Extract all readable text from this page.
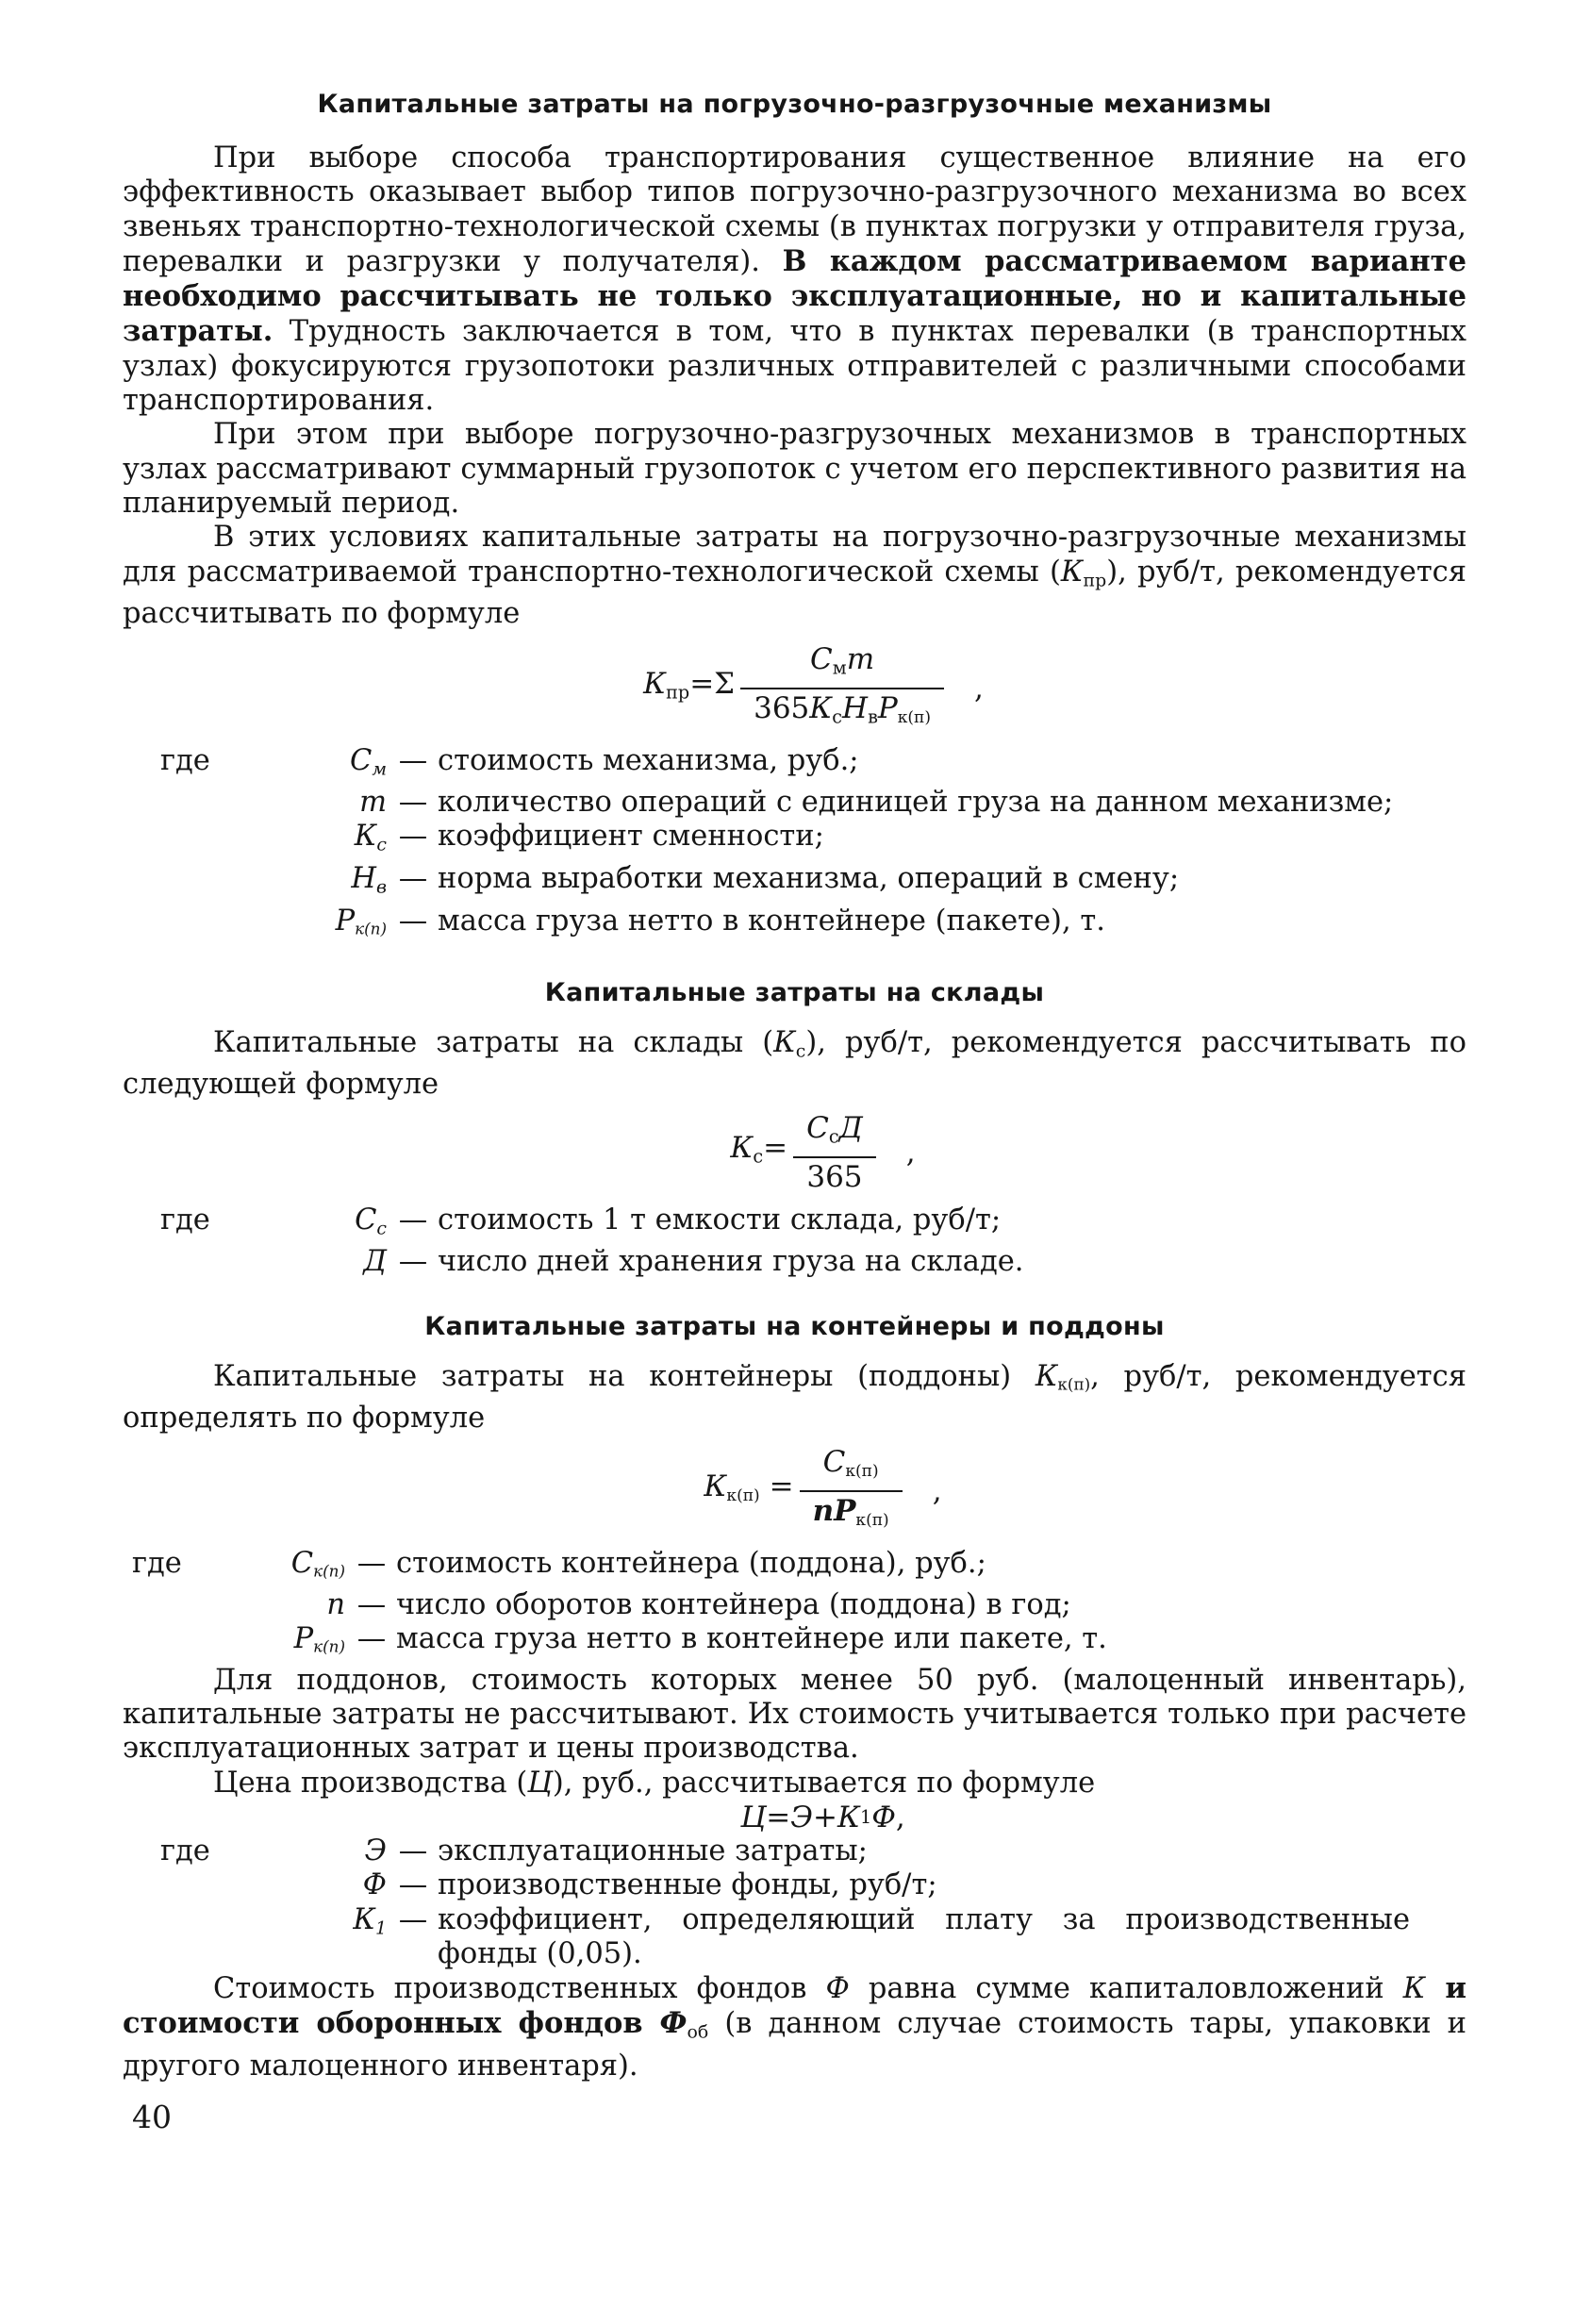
Капитальные затраты на погрузочно-разгрузочные механизмы

При выборе способа транспортирования существенное влияние на его эффективность оказывает выбор типов погрузочно-разгрузочного механизма во всех звеньях транспортно-технологической схемы (в пунктах погрузки у отправителя груза, перевалки и разгрузки у получателя). В каждом рассматриваемом варианте необходимо рассчитывать не только эксплуатационные, но и капитальные затраты. Трудность заключается в том, что в пунктах перевалки (в транспортных узлах) фокусируются грузопотоки различных отправителей с различными способами транспортирования.

При этом при выборе погрузочно-разгрузочных механизмов в транспортных узлах рассматривают суммарный грузопоток с учетом его перспективного развития на планируемый период.

В этих условиях капитальные затраты на погрузочно-разгрузочные механизмы для рассматриваемой транспортно-технологической схемы $(К_{пр})$, руб/т, рекомендуется рассчитывать по формуле

$К_{пр}=\Sigma \frac{С_мm}{365К_сН_вР_{к(п)}}$ ,
где	$С_м$ — стоимость механизма, руб.;
m — количество операций с единицей груза на данном механизме;
$К_с$ — коэффициент сменности;
$Н_в$ — норма выработки механизма, операций в смену;
$Р_{к(п)}$ — масса груза нетто в контейнере (пакете), т.

Капитальные затраты на склады

Капитальные затраты на склады $(К_с)$, руб/т, рекомендуется рассчитывать по следующей формуле

$К_с= \frac{С_сД}{365}$ ,
где	$С_с$ — стоимость 1 т емкости склада, руб/т;
Д — число дней хранения груза на складе.

Капитальные затраты на контейнеры и поддоны

Капитальные затраты на контейнеры (поддоны) $К_{к(п)}$, руб/т, рекомендуется определять по формуле

$К_{к(п)} = \frac{С_{к(п)}}{nР_{к(п)}}$ ,
где	$С_{к(п)}$ — стоимость контейнера (поддона), руб.;
n — число оборотов контейнера (поддона) в год;
$Р_{к(п)}$ — масса груза нетто в контейнере или пакете, т.

Для поддонов, стоимость которых менее 50 руб. (малоценный инвентарь), капитальные затраты не рассчитывают. Их стоимость учитывается только при расчете эксплуатационных затрат и цены производства.

Цена производства (Ц), руб., рассчитывается по формуле

Ц = Э + К 1 Ф ,
где	Э — эксплуатационные затраты;
Ф — производственные фонды, руб/т;
$К_1$ — коэффициент, определяющий плату за производственные фонды (0,05).

Стоимость производственных фондов Ф равна сумме капиталовложений К и стоимости оборонных фондов $Ф_{об}$ (в данном случае стоимость тары, упаковки и другого малоценного инвентаря).

40
